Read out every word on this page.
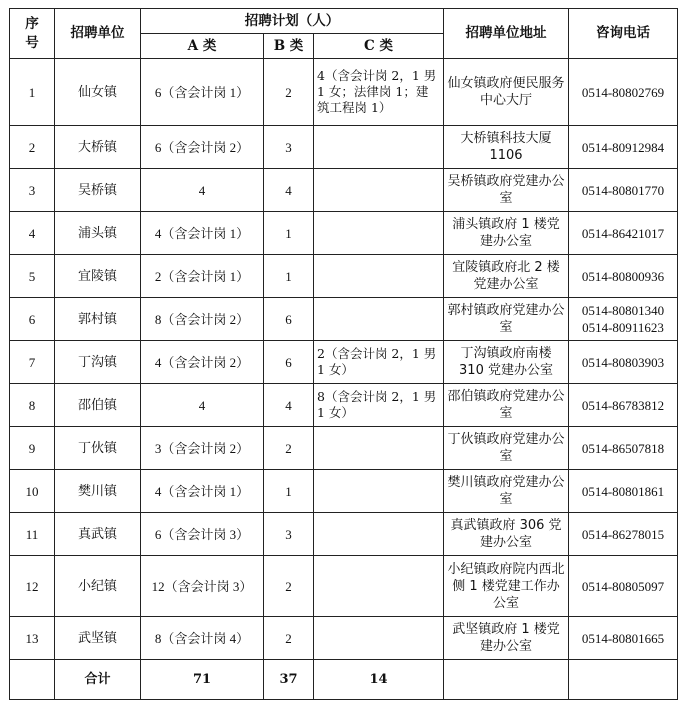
序号	招聘单位	招聘计划（人）			招聘单位地址	咨询电话
		A 类	B 类	C 类		
1	仙女镇	6（含会计岗 1）	2	4（含会计岗 2，1 男 1 女；法律岗 1；建筑工程岗 1）	仙女镇政府便民服务中心大厅	0514-80802769

2	大桥镇	6（含会计岗 2）	3		大桥镇科技大厦 1106	0514-80912984

3	吴桥镇	4	4		吴桥镇政府党建办公室	0514-80801770

4	浦头镇	4（含会计岗 1）	1		浦头镇政府 1 楼党建办公室	0514-86421017

5	宜陵镇	2（含会计岗 1）	1		宜陵镇政府北 2 楼党建办公室	0514-80800936

6	郭村镇	8（含会计岗 2）	6		郭村镇政府党建办公室	0514-80801340
0514-80911623

7	丁沟镇	4（含会计岗 2）	6	2（含会计岗 2，1 男 1 女）	丁沟镇政府南楼 310 党建办公室	0514-80803903

8	邵伯镇	4	4	8（含会计岗 2，1 男 1 女）	邵伯镇政府党建办公室	0514-86783812

9	丁伙镇	3（含会计岗 2）	2		丁伙镇政府党建办公室	0514-86507818

10	樊川镇	4（含会计岗 1）	1		樊川镇政府党建办公室	0514-80801861

11	真武镇	6（含会计岗 3）	3		真武镇政府 306 党建办公室	0514-86278015

12	小纪镇	12（含会计岗 3）	2		小纪镇政府院内西北侧 1 楼党建工作办公室	0514-80805097

13	武坚镇	8（含会计岗 4）	2		武坚镇政府 1 楼党建办公室	0514-80801665

	合计	71	37	14		
